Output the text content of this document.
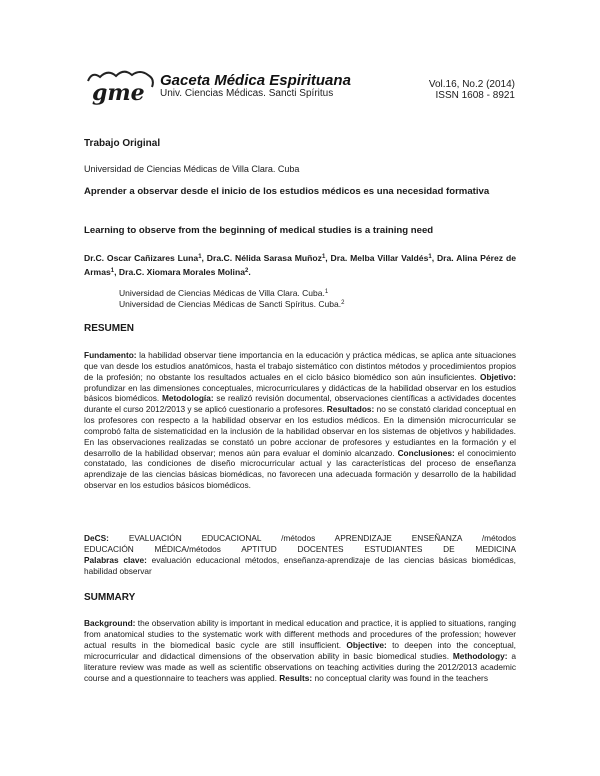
gme Gaceta Médica Espirituana
Univ. Ciencias Médicas. Sancti Spíritus
Vol.16, No.2 (2014)
ISSN 1608 - 8921
Trabajo Original
Universidad de Ciencias Médicas de Villa Clara. Cuba
Aprender a observar desde el inicio de los estudios médicos es una necesidad formativa
Learning to observe from the beginning of medical studies is a training need
Dr.C. Oscar Cañizares Luna$^1$, Dra.C. Nélida Sarasa Muñoz$^1$, Dra. Melba Villar Valdés$^1$, Dra. Alina Pérez de Armas$^1$, Dra.C. Xiomara Morales Molina$^2$.
Universidad de Ciencias Médicas de Villa Clara. Cuba.$^1$
Universidad de Ciencias Médicas de Sancti Spíritus. Cuba.$^2$
RESUMEN

Fundamento: la habilidad observar tiene importancia en la educación y práctica médicas, se aplica ante situaciones que van desde los estudios anatómicos, hasta el trabajo sistemático con distintos métodos y procedimientos propios de la profesión; no obstante los resultados actuales en el ciclo básico biomédico son aún insuficientes. Objetivo: profundizar en las dimensiones conceptuales, microcurriculares y didácticas de la habilidad observar en los estudios básicos biomédicos. Metodología: se realizó revisión documental, observaciones científicas a actividades docentes durante el curso 2012/2013 y se aplicó cuestionario a profesores. Resultados: no se constató claridad conceptual en los profesores con respecto a la habilidad observar en los estudios médicos. En la dimensión microcurricular se comprobó falta de sistematicidad en la inclusión de la habilidad observar en los sistemas de objetivos y habilidades. En las observaciones realizadas se constató un pobre accionar de profesores y estudiantes en la formación y el desarrollo de la habilidad observar; menos aún para evaluar el dominio alcanzado. Conclusiones: el conocimiento constatado, las condiciones de diseño microcurricular actual y las características del proceso de enseñanza aprendizaje de las ciencias básicas biomédicas, no favorecen una adecuada formación y desarrollo de la habilidad observar en los estudios básicos biomédicos.

DeCS: EVALUACIÓN EDUCACIONAL /métodos APRENDIZAJE ENSEÑANZA /métodos
EDUCACIÓN MÉDICA/métodos APTITUD DOCENTES ESTUDIANTES DE MEDICINA
Palabras clave: evaluación educacional métodos, enseñanza-aprendizaje de las ciencias básicas biomédicas, habilidad observar
SUMMARY

Background: the observation ability is important in medical education and practice, it is applied to situations, ranging from anatomical studies to the systematic work with different methods and procedures of the profession; however actual results in the biomedical basic cycle are still insufficient. Objective: to deepen into the conceptual, microcurricular and didactical dimensions of the observation ability in basic biomedical studies. Methodology: a literature review was made as well as scientific observations on teaching activities during the 2012/2013 academic course and a questionnaire to teachers was applied. Results: no conceptual clarity was found in the teachers
